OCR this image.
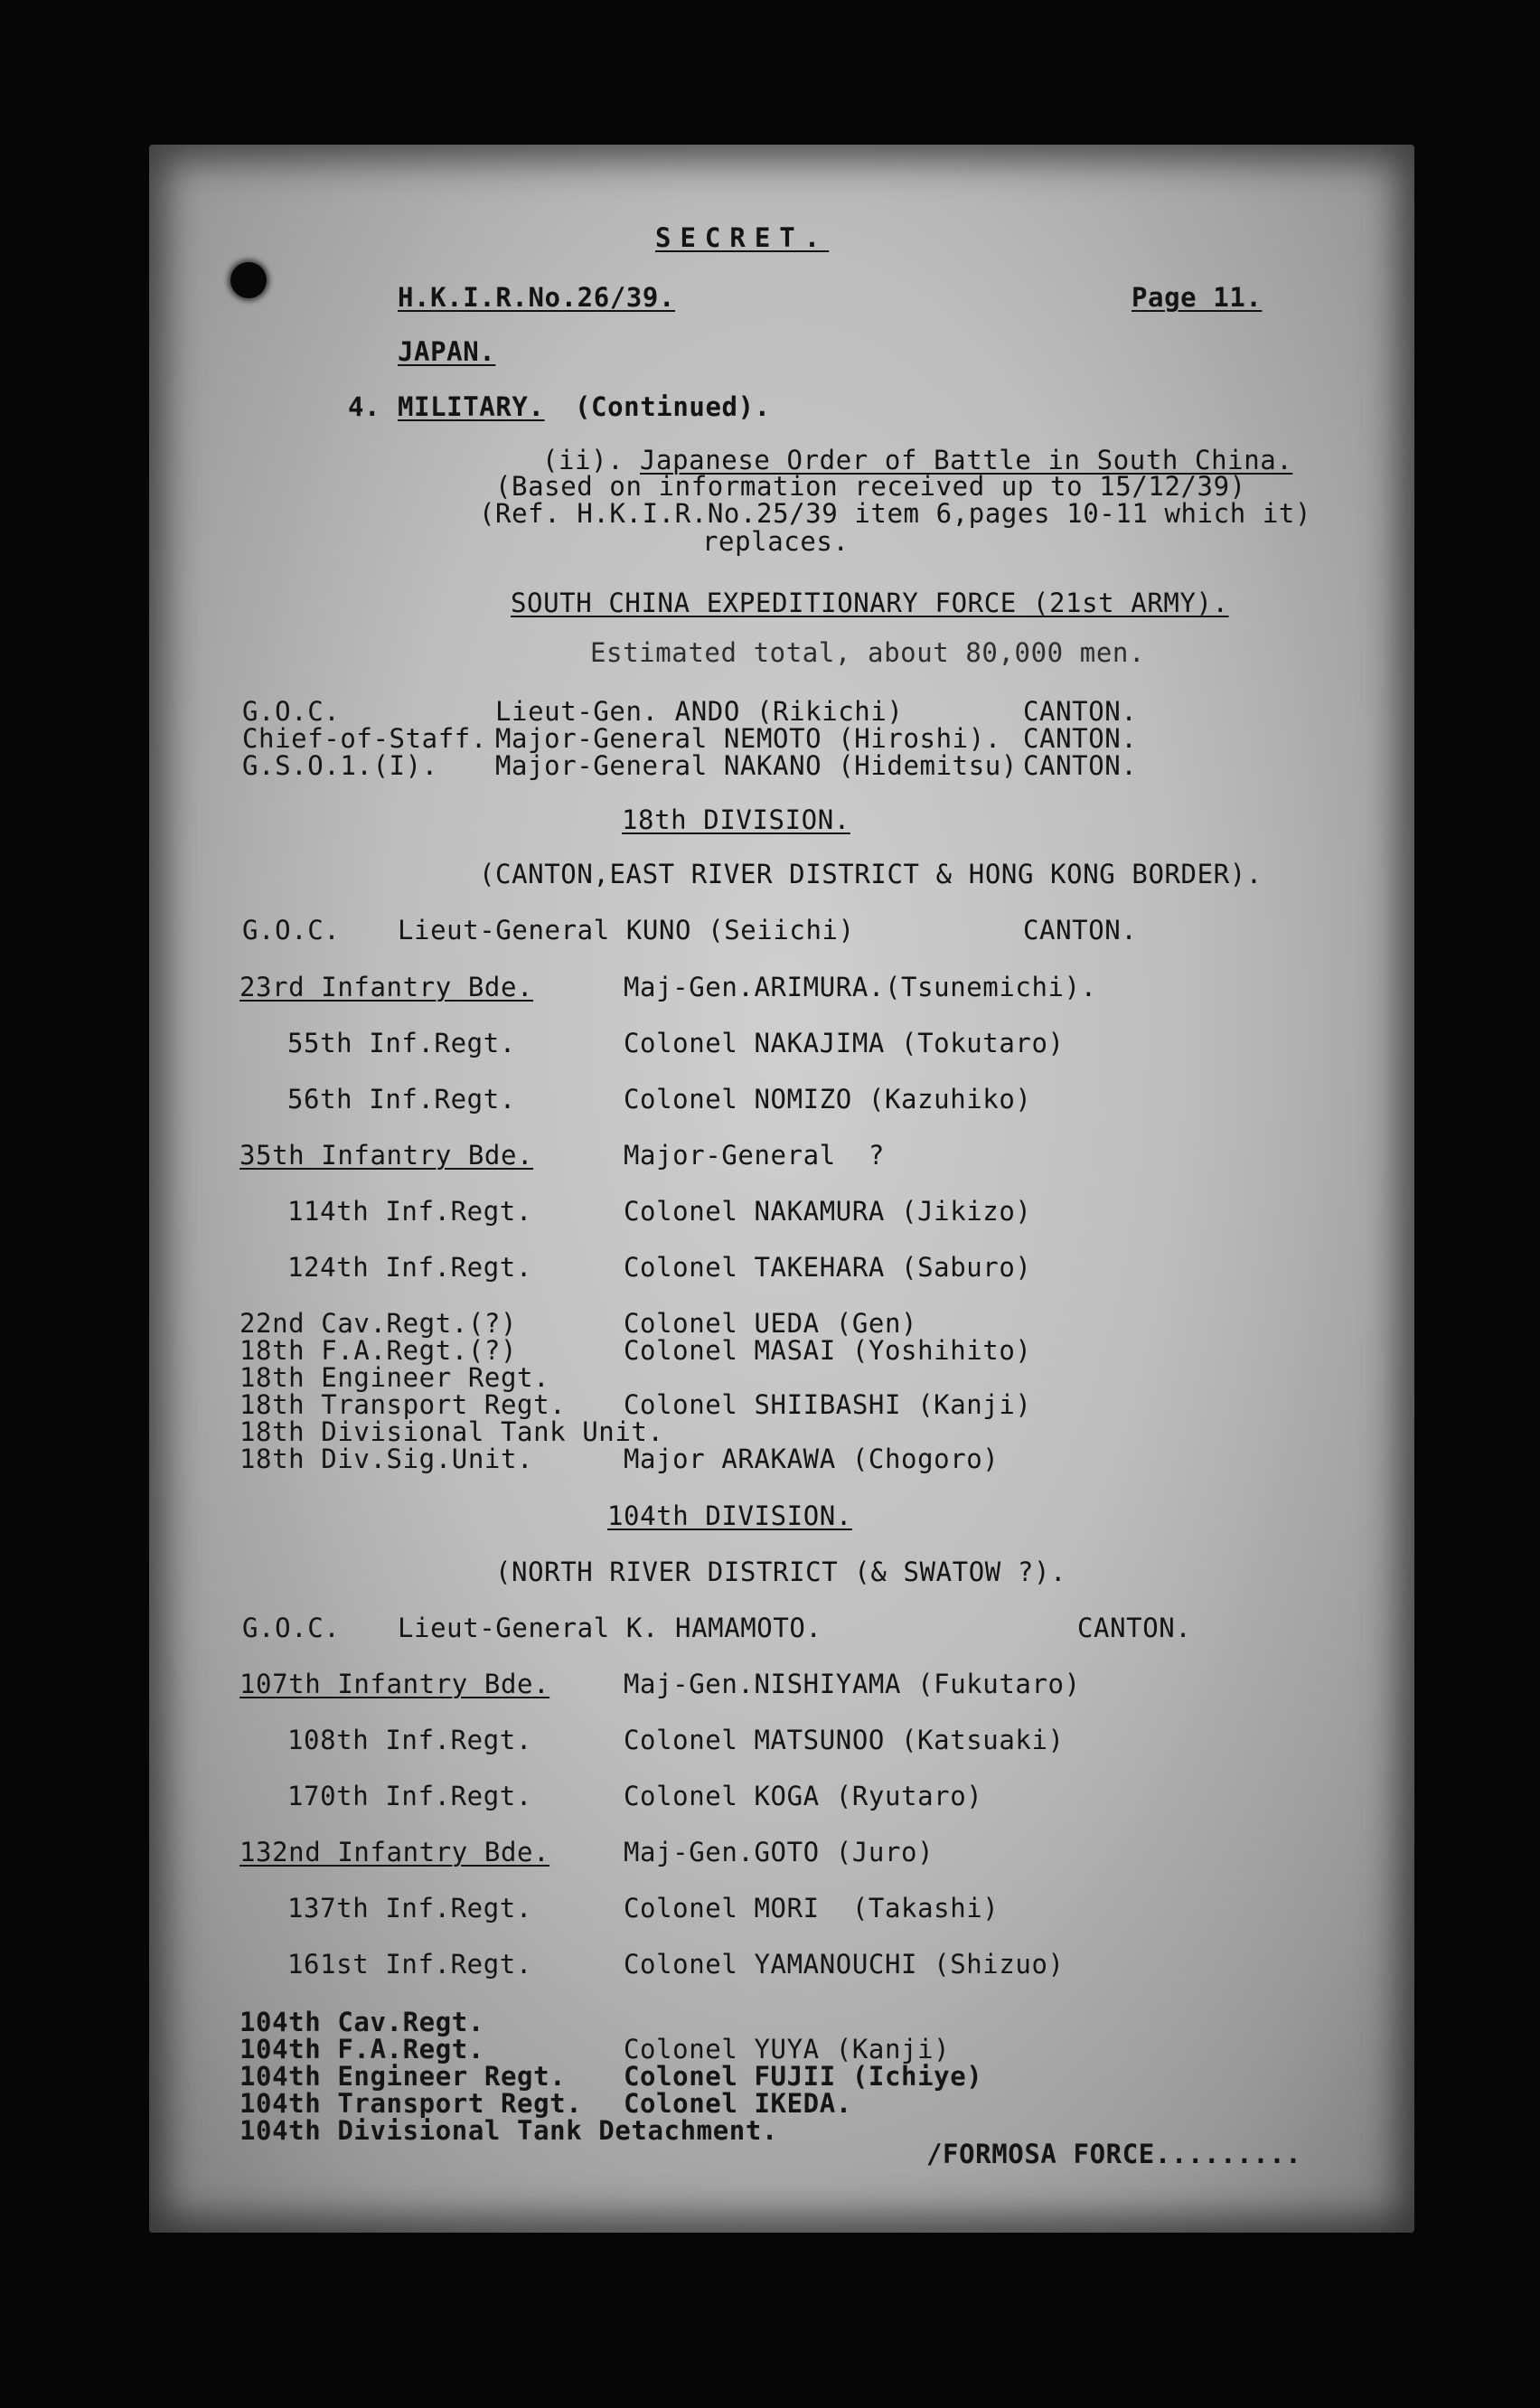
SECRET.
H.K.I.R.No.26/39.	Page 11.
JAPAN.
4. MILITARY. (Continued).
(ii). Japanese Order of Battle in South China.
(Based on information received up to 15/12/39)
(Ref. H.K.I.R.No.25/39 item 6,pages 10-11 which it)
replaces.
SOUTH CHINA EXPEDITIONARY FORCE (21st ARMY).
Estimated total, about 80,000 men.
G.O.C.	Lieut-Gen. ANDO (Rikichi)	CANTON.
Chief-of-Staff. Major-General NEMOTO (Hiroshi). CANTON.
G.S.O.1.(I). Major-General NAKANO (Hidemitsu) CANTON.
18th DIVISION.
(CANTON,EAST RIVER DISTRICT & HONG KONG BORDER).
G.O.C. Lieut-General KUNO (Seiichi)	CANTON.
23rd Infantry Bde.	Maj-Gen.ARIMURA.(Tsunemichi).
55th Inf.Regt.	Colonel NAKAJIMA (Tokutaro)
56th Inf.Regt.	Colonel NOMIZO (Kazuhiko)
35th Infantry Bde.	Major-General  ?
114th Inf.Regt.	Colonel NAKAMURA (Jikizo)
124th Inf.Regt.	Colonel TAKEHARA (Saburo)
22nd Cav.Regt.(?)	Colonel UEDA (Gen)
18th F.A.Regt.(?)	Colonel MASAI (Yoshihito)
18th Engineer Regt.
18th Transport Regt. Colonel SHIIBASHI (Kanji)
18th Divisional Tank Unit.
18th Div.Sig.Unit.	Major ARAKAWA (Chogoro)
104th DIVISION.
(NORTH RIVER DISTRICT (& SWATOW ?).
G.O.C. Lieut-General K. HAMAMOTO.	CANTON.
107th Infantry Bde.	Maj-Gen.NISHIYAMA (Fukutaro)
108th Inf.Regt.	Colonel MATSUNOO (Katsuaki)
170th Inf.Regt.	Colonel KOGA (Ryutaro)
132nd Infantry Bde.	Maj-Gen.GOTO (Juro)
137th Inf.Regt.	Colonel MORI  (Takashi)
161st Inf.Regt.	Colonel YAMANOUCHI (Shizuo)
104th Cav.Regt.
104th F.A.Regt.	Colonel YUYA (Kanji)
104th Engineer Regt. Colonel FUJII (Ichiye)
104th Transport Regt. Colonel IKEDA.
104th Divisional Tank Detachment.
/FORMOSA FORCE.........
